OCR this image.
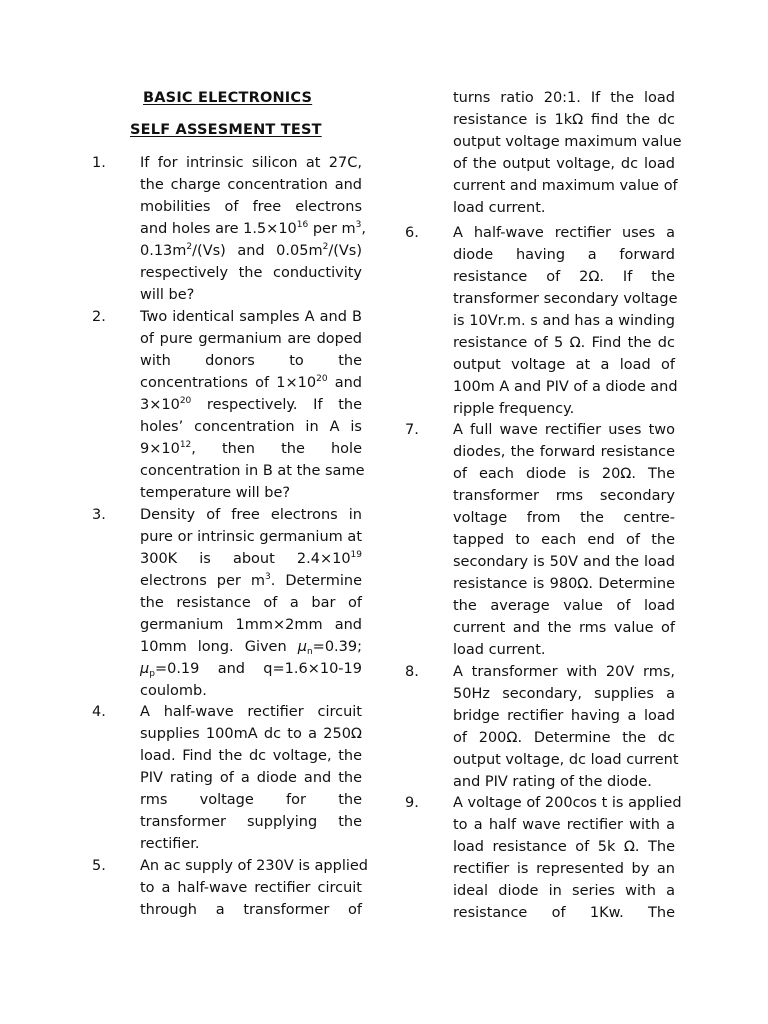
BASIC ELECTRONICS
SELF ASSESMENT TEST
1. If for intrinsic silicon at 27C,
the charge concentration and
mobilities of free electrons
and holes are $1.5\times 10^{16}$ per $m^3$,
$0.13m^2/(Vs)$ and $0.05m^2/(Vs)$
respectively the conductivity
will be?
2. Two identical samples A and B
of pure germanium are doped
with donors to the
concentrations of $1\times 10^{20}$ and
$3\times 10^{20}$ respectively. If the
holes’ concentration in A is
$9\times 10^{12}$, then the hole
concentration in B at the same
temperature will be?
3. Density of free electrons in
pure or intrinsic germanium at
300K is about $2.4\times 10^{19}$
electrons per $m^3$. Determine
the resistance of a bar of
germanium 1mm×2mm and
10mm long. Given $\mu_n=0.39$;
$\mu_p=0.19$ and q=1.6×10-19
coulomb.
4. A half-wave rectifier circuit
supplies 100mA dc to a 250Ω
load. Find the dc voltage, the
PIV rating of a diode and the
rms voltage for the
transformer supplying the
rectifier.
5. An ac supply of 230V is applied
to a half-wave rectifier circuit
through a transformer of
turns ratio 20:1. If the load
resistance is 1kΩ find the dc
output voltage maximum value
of the output voltage, dc load
current and maximum value of
load current.
6. A half-wave rectifier uses a
diode having a forward
resistance of 2Ω. If the
transformer secondary voltage
is 10Vr.m. s and has a winding
resistance of 5 Ω. Find the dc
output voltage at a load of
100m A and PIV of a diode and
ripple frequency.
7. A full wave rectifier uses two
diodes, the forward resistance
of each diode is 20Ω. The
transformer rms secondary
voltage from the centre-
tapped to each end of the
secondary is 50V and the load
resistance is 980Ω. Determine
the average value of load
current and the rms value of
load current.
8. A transformer with 20V rms,
50Hz secondary, supplies a
bridge rectifier having a load
of 200Ω. Determine the dc
output voltage, dc load current
and PIV rating of the diode.
9. A voltage of 200cos t is applied
to a half wave rectifier with a
load resistance of 5k Ω. The
rectifier is represented by an
ideal diode in series with a
resistance of 1Kw. The
